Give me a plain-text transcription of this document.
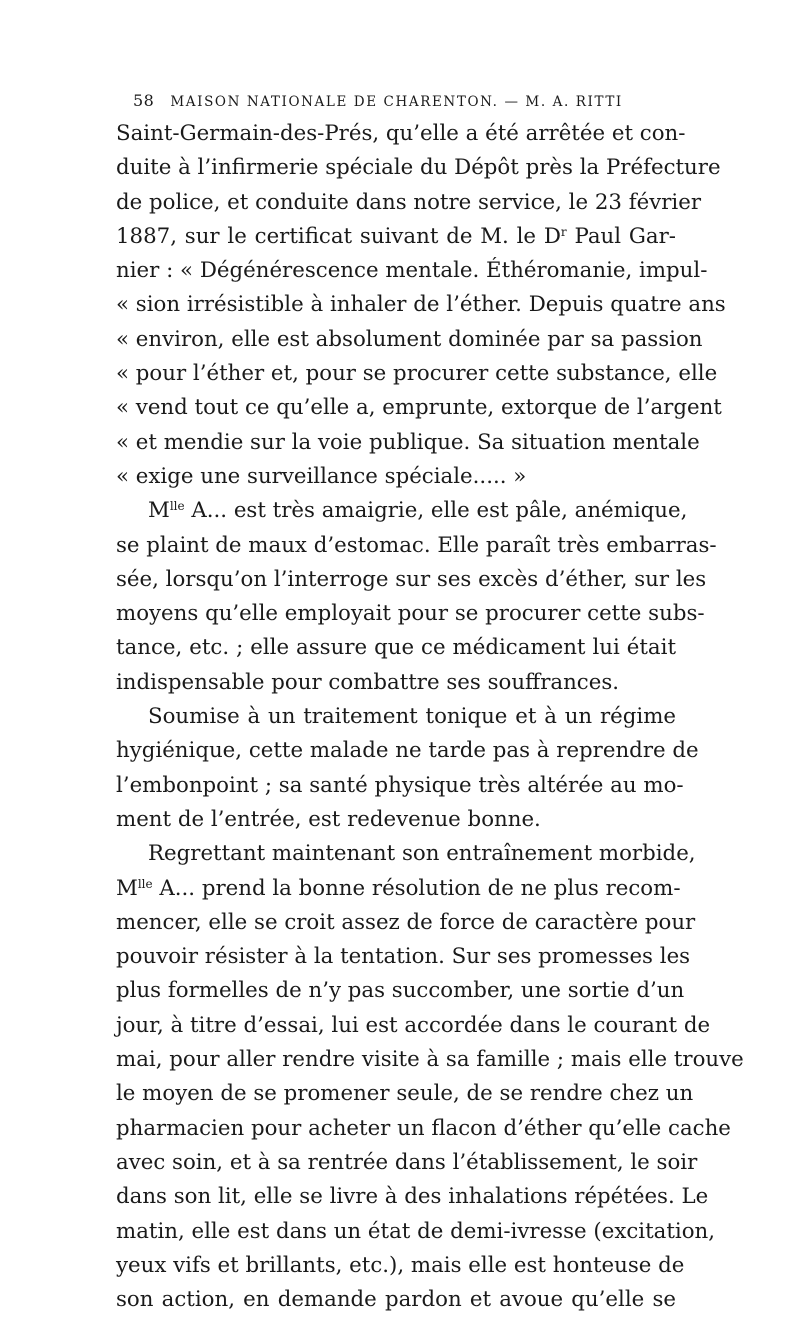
58 MAISON NATIONALE DE CHARENTON. — M. A. RITTI
Saint-Germain-des-Prés, qu’elle a été arrêtée et con-
duite à l’infirmerie spéciale du Dépôt près la Préfecture
de police, et conduite dans notre service, le 23 février
1887, sur le certificat suivant de M. le $D^r$ Paul Gar-
nier : « Dégénérescence mentale. Éthéromanie, impul-
« sion irrésistible à inhaler de l’éther. Depuis quatre ans
« environ, elle est absolument dominée par sa passion
« pour l’éther et, pour se procurer cette substance, elle
« vend tout ce qu’elle a, emprunte, extorque de l’argent
« et mendie sur la voie publique. Sa situation mentale
« exige une surveillance spéciale..... »
$M^{lle}$ A... est très amaigrie, elle est pâle, anémique,
se plaint de maux d’estomac. Elle paraît très embarras-
sée, lorsqu’on l’interroge sur ses excès d’éther, sur les
moyens qu’elle employait pour se procurer cette subs-
tance, etc. ; elle assure que ce médicament lui était
indispensable pour combattre ses souffrances.
Soumise à un traitement tonique et à un régime
hygiénique, cette malade ne tarde pas à reprendre de
l’embonpoint ; sa santé physique très altérée au mo-
ment de l’entrée, est redevenue bonne.
Regrettant maintenant son entraînement morbide,
$M^{lle}$ A... prend la bonne résolution de ne plus recom-
mencer, elle se croit assez de force de caractère pour
pouvoir résister à la tentation. Sur ses promesses les
plus formelles de n’y pas succomber, une sortie d’un
jour, à titre d’essai, lui est accordée dans le courant de
mai, pour aller rendre visite à sa famille ; mais elle trouve
le moyen de se promener seule, de se rendre chez un
pharmacien pour acheter un flacon d’éther qu’elle cache
avec soin, et à sa rentrée dans l’établissement, le soir
dans son lit, elle se livre à des inhalations répétées. Le
matin, elle est dans un état de demi-ivresse (excitation,
yeux vifs et brillants, etc.), mais elle est honteuse de
son action, en demande pardon et avoue qu’elle se
